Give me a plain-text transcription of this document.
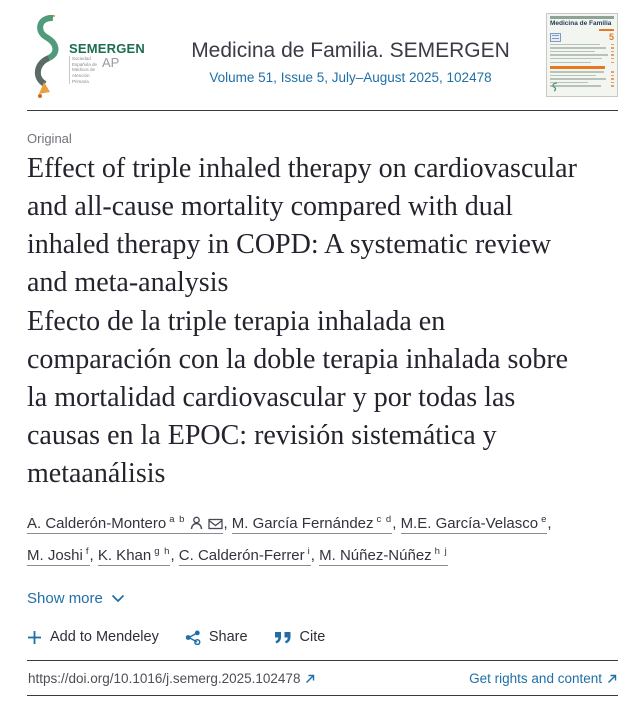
SEMERGEN
Sociedad Española de Médicos de Atención Primaria
AP
Medicina de Familia. SEMERGEN
Volume 51, Issue 5, July–August 2025, 102478
Medicina de Familia
5
Original
Effect of triple inhaled therapy on cardiovascular and all-cause mortality compared with dual inhaled therapy in COPD: A systematic review and meta-analysis
Efecto de la triple terapia inhalada en comparación con la doble terapia inhalada sobre la mortalidad cardiovascular y por todas las causas en la EPOC: revisión sistemática y metaanálisis
A. Calderón-Montero $^{a b}$	, M. García Fernández $^{c d}$, M.E. García-Velasco $^e$, M. Joshi $^f$, K. Khan $^{g h}$, C. Calderón-Ferrer $^i$, M. Núñez-Núñez $^{h j}$
Show more
Add to Mendeley	Share	Cite
https://doi.org/10.1016/j.semerg.2025.102478	Get rights and content
